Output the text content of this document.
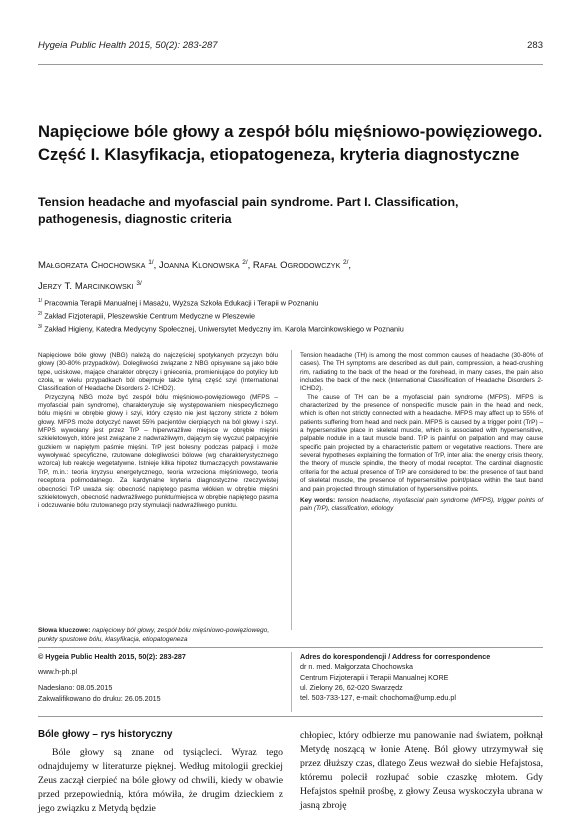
Hygeia Public Health 2015, 50(2): 283-287	283
Napięciowe bóle głowy a zespół bólu mięśniowo-powięziowego. Część I. Klasyfikacja, etiopatogeneza, kryteria diagnostyczne
Tension headache and myofascial pain syndrome. Part I. Classification, pathogenesis, diagnostic criteria
Małgorzata Chochowska $^{1/}$, Joanna Klonowska $^{2/}$, Rafał Ogrodowczyk $^{2/}$,
Jerzy T. Marcinkowski $^{3/}$
$^{1/}$ Pracownia Terapii Manualnej i Masażu, Wyższa Szkoła Edukacji i Terapii w Poznaniu
$^{2/}$ Zakład Fizjoterapii, Pleszewskie Centrum Medyczne w Pleszewie
$^{3/}$ Zakład Higieny, Katedra Medycyny Społecznej, Uniwersytet Medyczny im. Karola Marcinkowskiego w Poznaniu

Napięciowe bóle głowy (NBG) należą do najczęściej spotykanych przyczyn bólu głowy (30-80% przypadków). Dolegliwości związane z NBG opisywane są jako bóle tępe, uciskowe, mające charakter obręczy i gniecenia, promieniujące do potylicy lub czoła, w wielu przypadkach ból obejmuje także tylną część szyi (International Classification of Headache Disorders 2- ICHD2).

Przyczyną NBG może być zespół bólu mięśniowo-powięziowego (MFPS – myofascial pain syndrome), charakteryzuje się występowaniem niespecyficznego bólu mięśni w obrębie głowy i szyi, który często nie jest łączony stricte z bólem głowy. MFPS może dotyczyć nawet 55% pacjentów cierpiących na ból głowy i szyi. MFPS wywołany jest przez TrP – hiperwrażliwe miejsce w obrębie mięśni szkieletowych, które jest związane z nadwrażliwym, dającym się wyczuć palpacyjnie guzkiem w napiętym paśmie mięśni. TrP jest bolesny podczas palpacji i może wywoływać specyficzne, rzutowane dolegliwości bólowe (wg charakterystycznego wzorca) lub reakcje wegetatywne. Istnieje kilka hipotez tłumaczących powstawanie TrP, m.in.: teoria kryzysu energetycznego, teoria wrzeciona mięśniowego, teoria receptora polimodalnego. Za kardynalne kryteria diagnostyczne rzeczywistej obecności TrP uważa się: obecność napiętego pasma włókien w obrębie mięśni szkieletowych, obecność nadwrażliwego punktu/miejsca w obrębie napiętego pasma i odczuwanie bólu rzutowanego przy stymulacji nadwrażliwego punktu.

Tension headache (TH) is among the most common causes of headache (30-80% of cases). The TH symptoms are described as dull pain, compression, a head-crushing rim, radiating to the back of the head or the forehead, in many cases, the pain also includes the back of the neck (International Classification of Headache Disorders 2- ICHD2).

The cause of TH can be a myofascial pain syndrome (MFPS). MFPS is characterized by the presence of nonspecific muscle pain in the head and neck, which is often not strictly connected with a headache. MFPS may affect up to 55% of patients suffering from head and neck pain. MFPS is caused by a trigger point (TrP) – a hypersensitive place in skeletal muscle, which is associated with hypersensitive, palpable nodule in a taut muscle band. TrP is painful on palpation and may cause specific pain projected by a characteristic pattern or vegetative reactions. There are several hypotheses explaining the formation of TrP, inter alia: the energy crisis theory, the theory of muscle spindle, the theory of modal receptor. The cardinal diagnostic criteria for the actual presence of TrP are considered to be: the presence of taut band of skeletal muscle, the presence of hypersensitive point/place within the taut band and pain projected through stimulation of hypersensitive points.

Key words: tension headache, myofascial pain syndrome (MFPS), trigger points of pain (TrP), classification, etiology

Słowa kluczowe: napięciowy ból głowy, zespół bólu mięśniowo-powięziowego, punkty spustowe bólu, klasyfikacja, etiopatogeneza
© Hygeia Public Health 2015, 50(2): 283-287
www.h-ph.pl
Nadesłano: 08.05.2015
Zakwalifikowano do druku: 26.05.2015
Adres do korespondencji / Address for correspondence
dr n. med. Małgorzata Chochowska
Centrum Fizjoterapii i Terapii Manualnej KORE
ul. Zielony 26, 62-020 Swarzędz
tel. 503-733-127, e-mail: chochoma@ump.edu.pl
Bóle głowy – rys historyczny
Bóle głowy są znane od tysiącleci. Wyraz tego odnajdujemy w literaturze pięknej. Według mitologii greckiej Zeus zaczął cierpieć na bóle głowy od chwili, kiedy w obawie przed przepowiednią, która mówiła, że drugim dzieckiem z jego związku z Metydą będzie
chłopiec, który odbierze mu panowanie nad światem, połknął Metydę noszącą w łonie Atenę. Ból głowy utrzymywał się przez dłuższy czas, dlatego Zeus wezwał do siebie Hefajstosa, któremu polecił rozłupać sobie czaszkę młotem. Gdy Hefajstos spełnił prośbę, z głowy Zeusa wyskoczyła ubrana w jasną zbroję
